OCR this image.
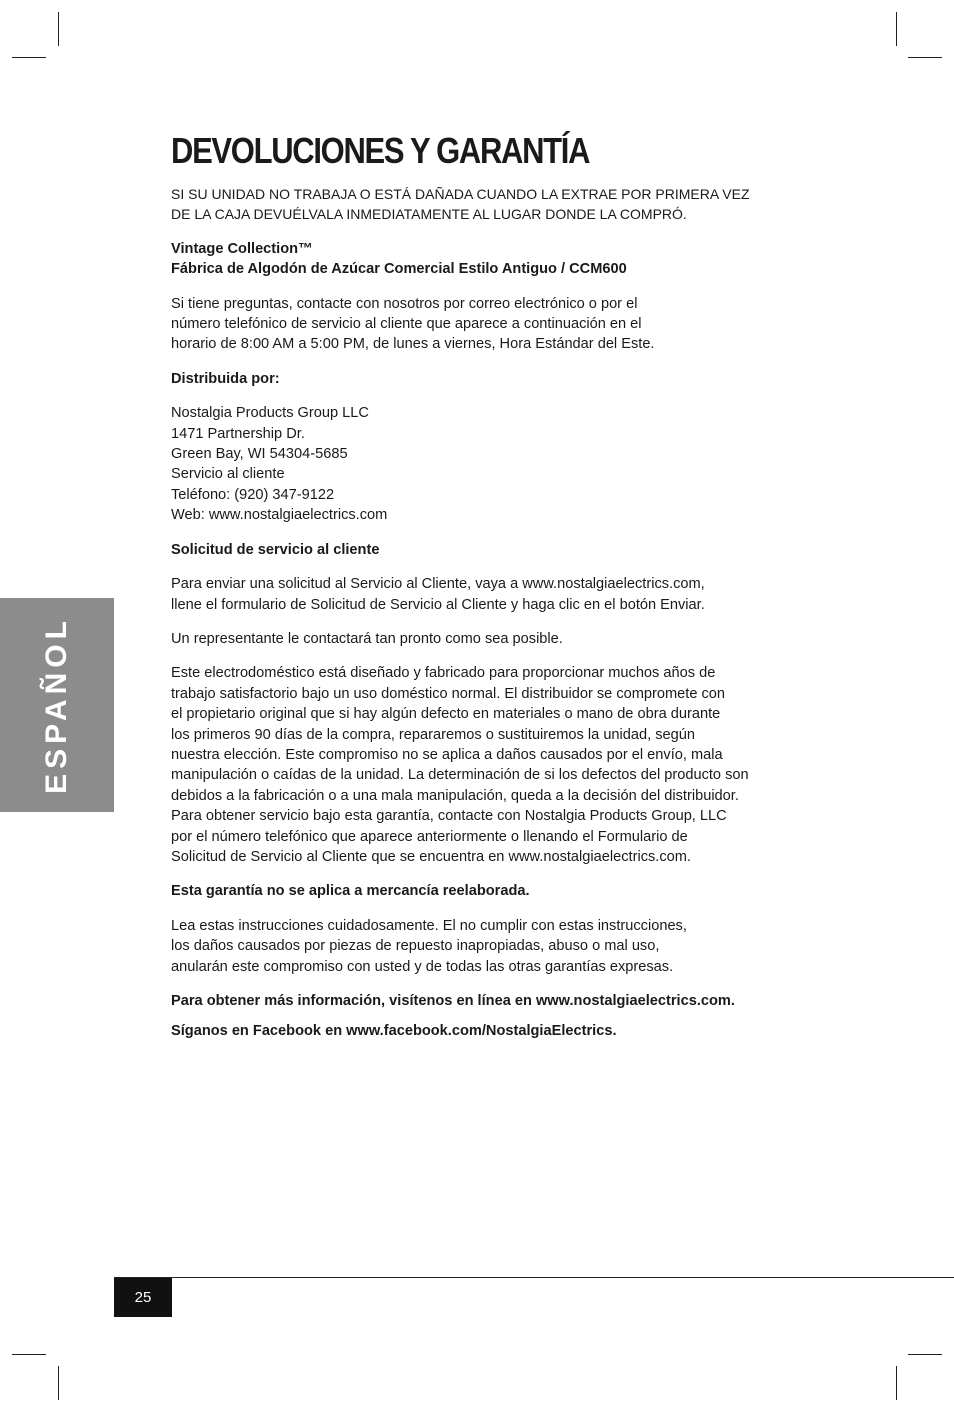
ESPAÑOL
DEVOLUCIONES Y GARANTÍA
SI SU UNIDAD NO TRABAJA O ESTÁ DAÑADA CUANDO LA EXTRAE POR PRIMERA VEZ
DE LA CAJA DEVUÉLVALA INMEDIATAMENTE AL LUGAR DONDE LA COMPRÓ.
Vintage Collection™
Fábrica de Algodón de Azúcar Comercial Estilo Antiguo / CCM600
Si tiene preguntas, contacte con nosotros por correo electrónico o por el
número telefónico de servicio al cliente que aparece a continuación en el
horario de 8:00 AM a 5:00 PM, de lunes a viernes, Hora Estándar del Este.
Distribuida por:
Nostalgia Products Group LLC
1471 Partnership Dr.
Green Bay, WI 54304-5685
Servicio al cliente
Teléfono: (920) 347-9122
Web: www.nostalgiaelectrics.com
Solicitud de servicio al cliente
Para enviar una solicitud al Servicio al Cliente, vaya a www.nostalgiaelectrics.com,
llene el formulario de Solicitud de Servicio al Cliente y haga clic en el botón Enviar.
Un representante le contactará tan pronto como sea posible.
Este electrodoméstico está diseñado y fabricado para proporcionar muchos años de
trabajo satisfactorio bajo un uso doméstico normal. El distribuidor se compromete con
el propietario original que si hay algún defecto en materiales o mano de obra durante
los primeros 90 días de la compra, repararemos o sustituiremos la unidad, según
nuestra elección. Este compromiso no se aplica a daños causados por el envío, mala
manipulación o caídas de la unidad. La determinación de si los defectos del producto son
debidos a la fabricación o a una mala manipulación, queda a la decisión del distribuidor.
Para obtener servicio bajo esta garantía, contacte con Nostalgia Products Group, LLC
por el número telefónico que aparece anteriormente o llenando el Formulario de
Solicitud de Servicio al Cliente que se encuentra en www.nostalgiaelectrics.com.
Esta garantía no se aplica a mercancía reelaborada.
Lea estas instrucciones cuidadosamente. El no cumplir con estas instrucciones,
los daños causados por piezas de repuesto inapropiadas, abuso o mal uso,
anularán este compromiso con usted y de todas las otras garantías expresas.
Para obtener más información, visítenos en línea en www.nostalgiaelectrics.com.
Síganos en Facebook en www.facebook.com/NostalgiaElectrics.
25
